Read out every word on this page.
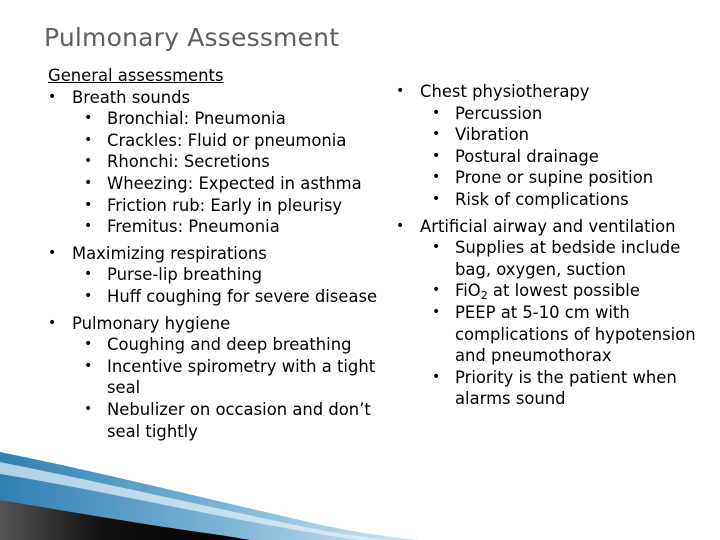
Pulmonary Assessment
General assessments
• Breath sounds
• Bronchial: Pneumonia
• Crackles: Fluid or pneumonia
• Rhonchi: Secretions
• Wheezing: Expected in asthma
• Friction rub: Early in pleurisy
• Fremitus: Pneumonia
• Maximizing respirations
• Purse-lip breathing
• Huff coughing for severe disease
• Pulmonary hygiene
• Coughing and deep breathing
• Incentive spirometry with a tight seal
• Nebulizer on occasion and don’t seal tightly
• Chest physiotherapy
• Percussion
• Vibration
• Postural drainage
• Prone or supine position
• Risk of complications
• Artificial airway and ventilation
• Supplies at bedside include bag, oxygen, suction
• FiO$_2$ at lowest possible
• PEEP at 5-10 cm with complications of hypotension and pneumothorax
• Priority is the patient when alarms sound
